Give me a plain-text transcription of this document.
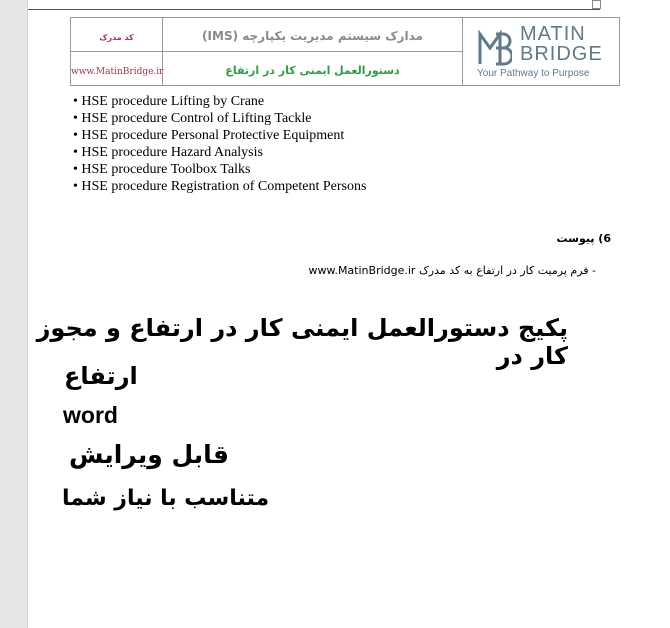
کد مدرک	مدارک سیستم مدیریت یکپارچه (IMS)	MATIN
BRIDGE
Your Pathway to Purpose

www.MatinBridge.ir	دستورالعمل ایمنی کار در ارتفاع	
• HSE procedure Lifting by Crane
• HSE procedure Control of Lifting Tackle
• HSE procedure Personal Protective Equipment
• HSE procedure Hazard Analysis
• HSE procedure Toolbox Talks
• HSE procedure Registration of Competent Persons
6) پیوست
- فرم پرمیت کار در ارتفاع به کد مدرک www.MatinBridge.ir
پکیج دستورالعمل ایمنی کار در ارتفاع و مجوز کار در
ارتفاع
word
قابل ویرایش
متناسب با نیاز شما
